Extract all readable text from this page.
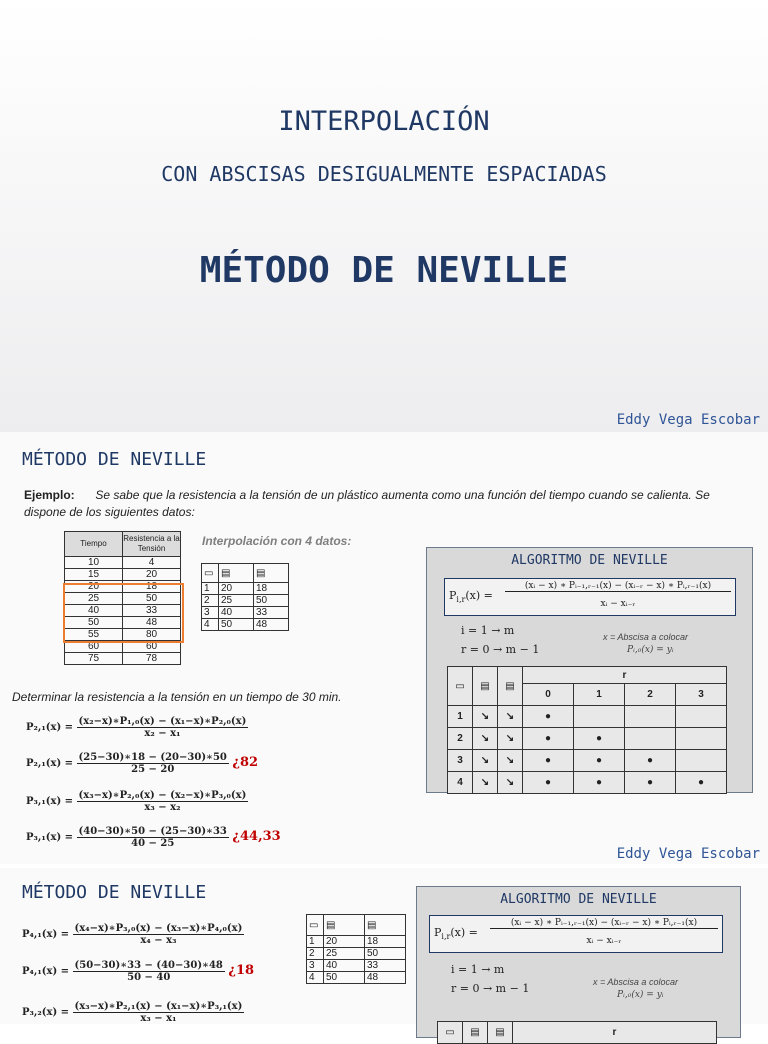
INTERPOLACIÓN
CON ABSCISAS DESIGUALMENTE ESPACIADAS
MÉTODO DE NEVILLE
Eddy Vega Escobar
MÉTODO DE NEVILLE
Ejemplo: Se sabe que la resistencia a la tensión de un plástico aumenta como una función del tiempo cuando se calienta. Se dispone de los siguientes datos:
Tiempo	Resistencia a la Tensión
10	4
15	20
20	18
25	50
40	33
50	48
55	80
60	60
75	78
Interpolación con 4 datos:
▭	▤	▤
1	20	18
2	25	50
3	40	33
4	50	48
Determinar la resistencia a la tensión en un tiempo de 30 min.
$P_2,_1(x) = \frac{\text{(x₂−x)∗P₁,₀(x) − (x₁−x)∗P₂,₀(x)}}{\text{x₂ − x₁}}$
$P_2,_1(x) = \frac{(25-30)∗18 - (20-30)∗50}{25 - 20}$ ¿82
$P_3,_1(x) = \frac{\text{(x₃−x)∗P₂,₀(x) − (x₂−x)∗P₃,₀(x)}}{\text{x₃ − x₂}}$
$P_3,_1(x) = \frac{(40-30)∗50 - (25-30)∗33}{40 - 25}$ ¿44,33
ALGORITMO DE NEVILLE
$P_{i,r}(x)$ =
(xᵢ − x) ∗ Pᵢ₋₁,ᵣ₋₁(x) − (xᵢ₋ᵣ − x) ∗ Pᵢ,ᵣ₋₁(x)
xᵢ − xᵢ₋ᵣ
i = 1 → m
r = 0 → m − 1
x = Abscisa a colocar
Pᵢ,₀(x) = yᵢ
▭	▤	▤	r			
			0	1	2	3
1	↘	↘	●			
2	↘	↘	●	●		
3	↘	↘	●	●	●	
4	↘	↘	●	●	●	●
Eddy Vega Escobar
MÉTODO DE NEVILLE
$P_4,_1(x) = \frac{\text{(x₄−x)∗P₃,₀(x) − (x₃−x)∗P₄,₀(x)}}{\text{x₄ − x₃}}$
$P_4,_1(x) = \frac{(50-30)∗33 - (40-30)∗48}{50 - 40}$ ¿18
$P_3,_2(x) = \frac{\text{(x₃−x)∗P₂,₁(x) − (x₁−x)∗P₃,₁(x)}}{\text{x₃ − x₁}}$
▭	▤	▤
1	20	18
2	25	50
3	40	33
4	50	48
ALGORITMO DE NEVILLE
$P_{i,r}(x)$ =
(xᵢ − x) ∗ Pᵢ₋₁,ᵣ₋₁(x) − (xᵢ₋ᵣ − x) ∗ Pᵢ,ᵣ₋₁(x)
xᵢ − xᵢ₋ᵣ
i = 1 → m
r = 0 → m − 1	x = Abscisa a colocar
Pᵢ,₀(x) = yᵢ
▭	▤	▤	r
